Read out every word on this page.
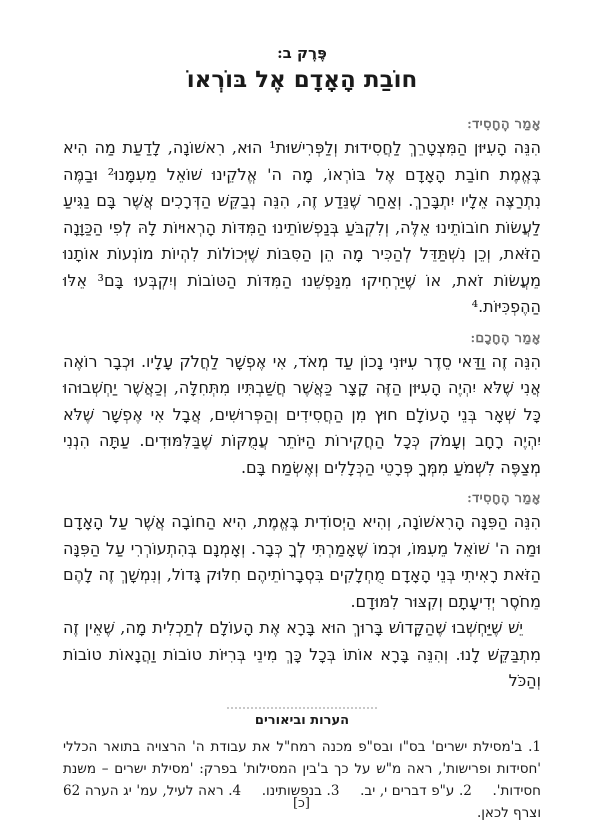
פֶּרֶק ב:
חוֹבַת הָאָדָם אֶל בּוֹרְאוֹ
אָמַר הֶחָסִיד:

הִנֵּה הָעִיּוּן הַמִּצְטָרֵךְ לַחֲסִידוּת וְלַפְּרִישׁוּת¹ הוּא, רִאשׁוֹנָה, לָדַעַת מַה הִיא בֶּאֱמֶת חוֹבַת הָאָדָם אֶל בּוֹרְאוֹ, מָה ה' אֱלֹקֵינוּ שׁוֹאֵל מֵעִמָּנוּ² וּבַמֶּה נִתְרַצֶּה אֵלָיו יִתְבָּרַךְ. וְאַחַר שֶׁנֵּדַע זֶה, הִנֵּה נְבַקֵּשׁ הַדְּרָכִים אֲשֶׁר בָּם נַגִּיעַ לַעֲשׂוֹת חוֹבוֹתֵינוּ אֵלֶּה, וְלִקְבֹּעַ בְּנַפְשׁוֹתֵינוּ הַמִּדּוֹת הָרְאוּיוֹת לָהּ לְפִי הַכַּוָּנָה הַזֹּאת, וְכֵן נִשְׁתַּדֵּל לְהַכִּיר מָה הֵן הַסִּבּוֹת שֶׁיְּכוֹלוֹת לִהְיוֹת מוֹנְעוֹת אוֹתָנוּ מֵעֲשׂוֹת זֹאת, אוֹ שֶׁיַּרְחִיקוּ מִנַּפְשֵׁנוּ הַמִּדּוֹת הַטּוֹבוֹת וְיִקְבְּעוּ בָּם³ אֵלּוּ הַהֶפְכִּיּוֹת.⁴

אָמַר הֶחָכָם:

הִנֵּה זֶה וַדַּאי סֵדֶר עִיּוּנִי נָכוֹן עַד מְאֹד, אִי אֶפְשָׁר לַחֲלֹק עָלָיו. וּכְבָר רוֹאֶה אֲנִי שֶׁלֹּא יִהְיֶה הָעִיּוּן הַזֶּה קָצָר כַּאֲשֶׁר חֲשַׁבְתִּיו מִתְּחִלָּה, וְכַאֲשֶׁר יַחְשְׁבוּהוּ כָּל שְׁאָר בְּנֵי הָעוֹלָם חוּץ מִן הַחֲסִידִים וְהַפְּרוּשִׁים, אֲבָל אִי אֶפְשָׁר שֶׁלֹּא יִהְיֶה רָחָב וְעָמֹק כְּכָל הַחֲקִירוֹת הַיּוֹתֵר עֲמֻקּוֹת שֶׁבַּלִּמּוּדִים. עַתָּה הִנְנִי מְצַפֶּה לִשְׁמֹעַ מִמְּךָ פְּרָטֵי הַכְּלָלִים וְאֶשְׂמַח בָּם.

אָמַר הֶחָסִיד:

הִנֵּה הַפִּנָּה הָרִאשׁוֹנָה, וְהִיא הַיְסוֹדִית בֶּאֱמֶת, הִיא הַחוֹבָה אֲשֶׁר עַל הָאָדָם וּמַה ה' שׁוֹאֵל מֵעִמּוֹ, וּכְמוֹ שֶׁאָמַרְתִּי לְךָ כְּבָר. וְאָמְנָם בְּהִתְעוֹרְרִי עַל הַפִּנָּה הַזֹּאת רָאִיתִי בְּנֵי הָאָדָם מֻחְלָקִים בִּסְבָרוֹתֵיהֶם חִלּוּק גָּדוֹל, וְנִמְשָׁךְ זֶה לָהֶם מֵחֹסֶר יְדִיעָתָם וְקִצּוּר לִמּוּדָם.

יֵשׁ שֶׁיַּחְשְׁבוּ שֶׁהַקָּדוֹשׁ בָּרוּךְ הוּא בָּרָא אֶת הָעוֹלָם לְתַכְלִית מָה, שֶׁאֵין זֶה מִתְבַּקֵּשׁ לָנוּ. וְהִנֵּה בָּרָא אוֹתוֹ בְּכָל כָּךְ מִינֵי בְּרִיּוֹת טוֹבוֹת וַהֲנָאוֹת טוֹבוֹת וְהַכֹּל

הערות וביאורים
1. ב'מסילת ישרים' בס"ו ובס"פ מכנה רמח"ל את עבודת ה' הרצויה בתואר הכללי 'חסידות ופרישות', ראה מ"ש על כך ב'בין המסילות' בפרק: 'מסילת ישרים – משנת חסידות'. 2. ע"פ דברים י, יב. 3. בנפשותינו. 4. ראה לעיל, עמ' יג הערה 62 וצרף לכאן.
[כ]
